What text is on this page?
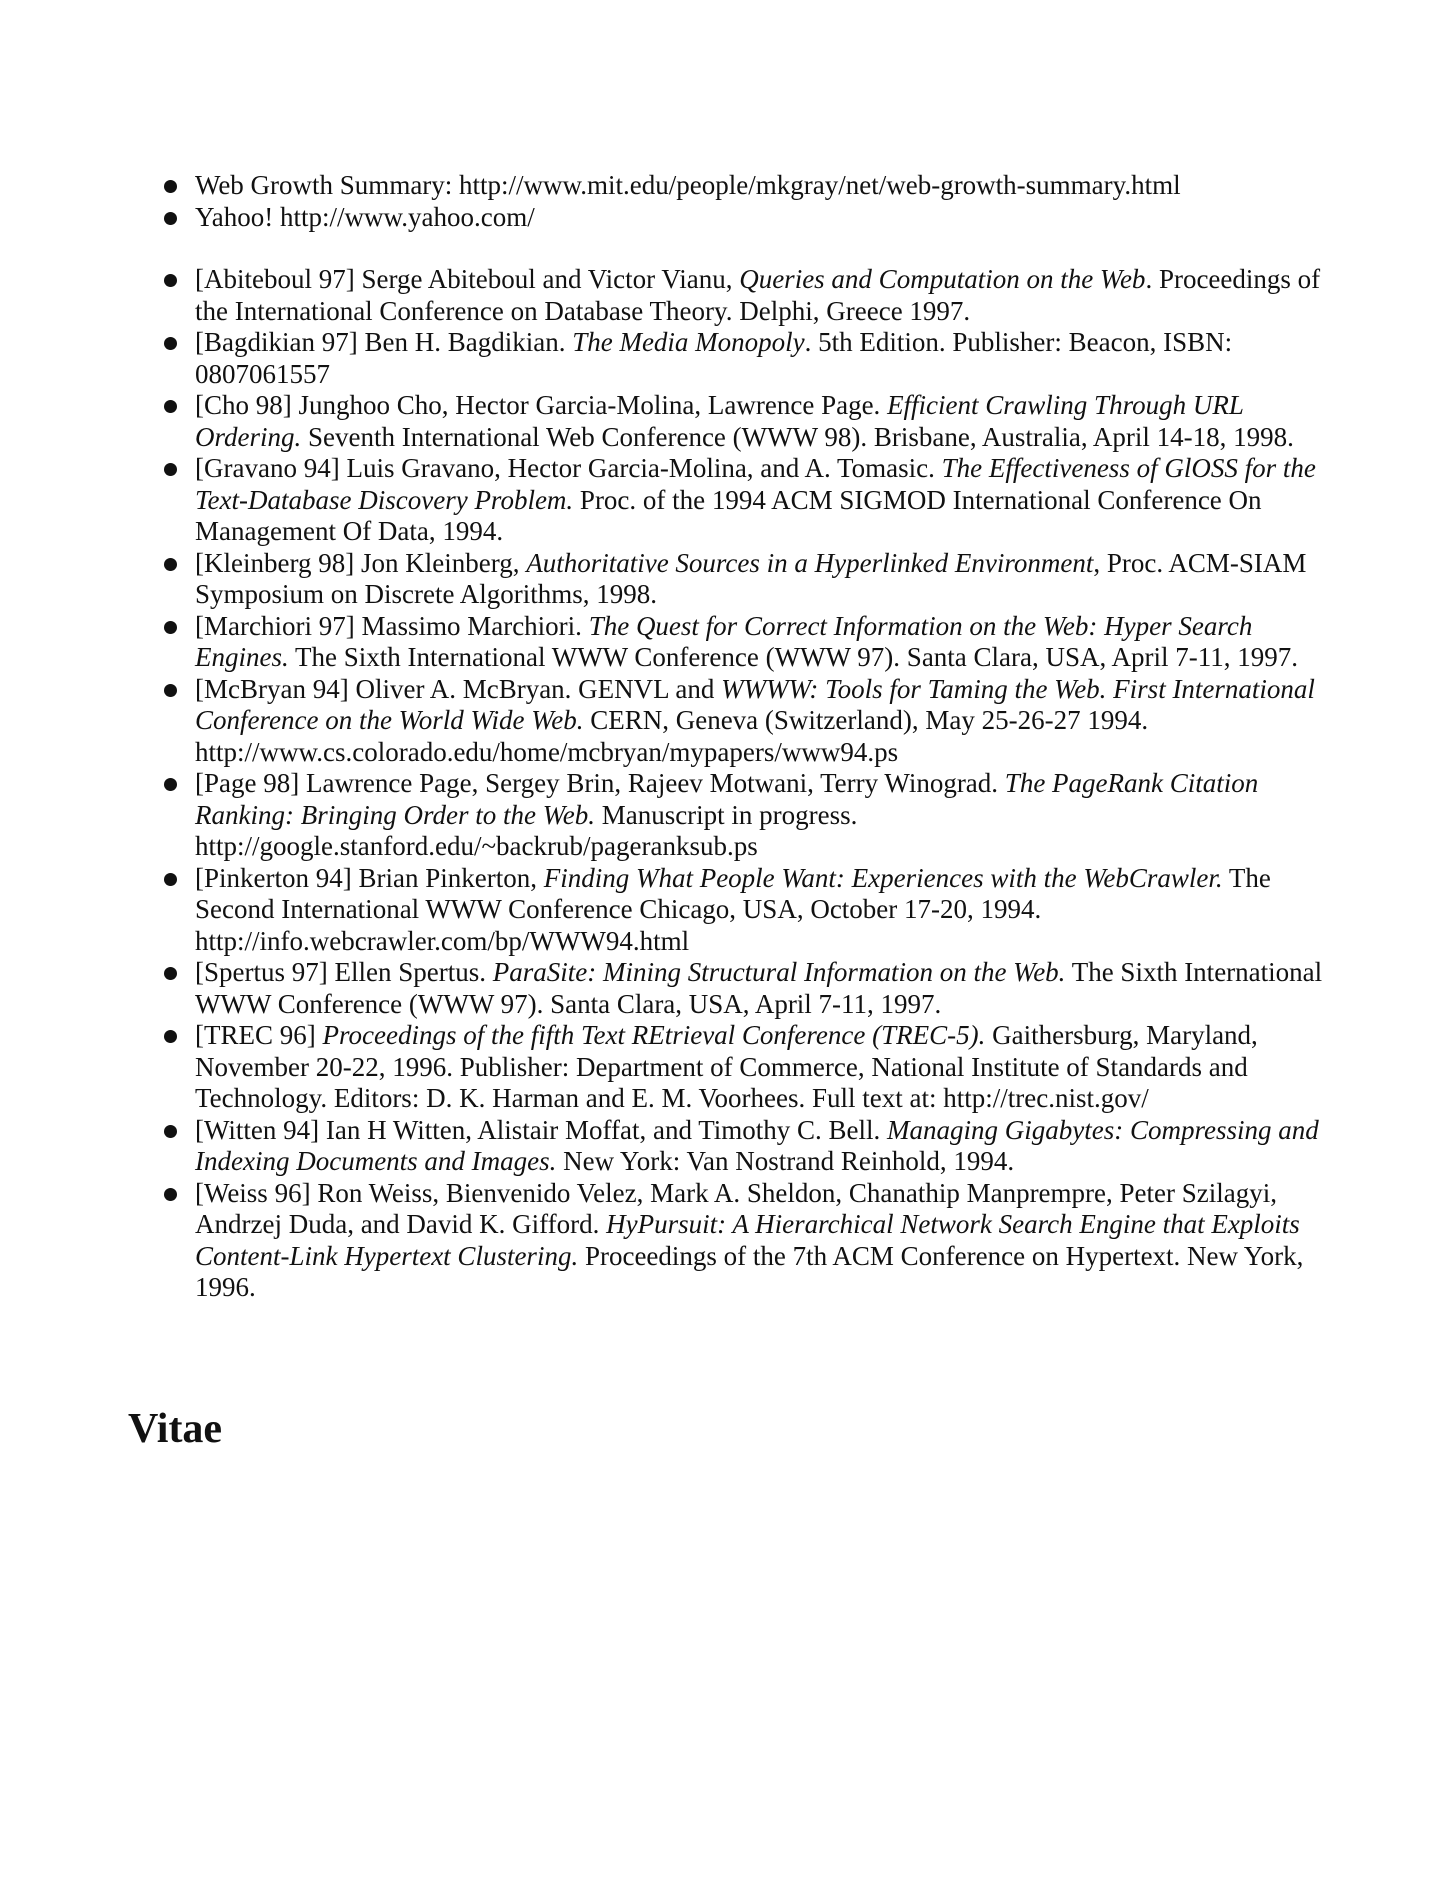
Web Growth Summary: http://www.mit.edu/people/mkgray/net/web-growth-summary.html
Yahoo! http://www.yahoo.com/
[Abiteboul 97] Serge Abiteboul and Victor Vianu, Queries and Computation on the Web. Proceedings of the International Conference on Database Theory. Delphi, Greece 1997.
[Bagdikian 97] Ben H. Bagdikian. The Media Monopoly. 5th Edition. Publisher: Beacon, ISBN: 0807061557
[Cho 98] Junghoo Cho, Hector Garcia-Molina, Lawrence Page. Efficient Crawling Through URL Ordering. Seventh International Web Conference (WWW 98). Brisbane, Australia, April 14-18, 1998.
[Gravano 94] Luis Gravano, Hector Garcia-Molina, and A. Tomasic. The Effectiveness of GlOSS for the Text-Database Discovery Problem. Proc. of the 1994 ACM SIGMOD International Conference On Management Of Data, 1994.
[Kleinberg 98] Jon Kleinberg, Authoritative Sources in a Hyperlinked Environment, Proc. ACM-SIAM Symposium on Discrete Algorithms, 1998.
[Marchiori 97] Massimo Marchiori. The Quest for Correct Information on the Web: Hyper Search Engines. The Sixth International WWW Conference (WWW 97). Santa Clara, USA, April 7-11, 1997.
[McBryan 94] Oliver A. McBryan. GENVL and WWWW: Tools for Taming the Web. First International Conference on the World Wide Web. CERN, Geneva (Switzerland), May 25-26-27 1994. http://www.cs.colorado.edu/home/mcbryan/mypapers/www94.ps
[Page 98] Lawrence Page, Sergey Brin, Rajeev Motwani, Terry Winograd. The PageRank Citation Ranking: Bringing Order to the Web. Manuscript in progress. http://google.stanford.edu/~backrub/pageranksub.ps
[Pinkerton 94] Brian Pinkerton, Finding What People Want: Experiences with the WebCrawler. The Second International WWW Conference Chicago, USA, October 17-20, 1994. http://info.webcrawler.com/bp/WWW94.html
[Spertus 97] Ellen Spertus. ParaSite: Mining Structural Information on the Web. The Sixth International WWW Conference (WWW 97). Santa Clara, USA, April 7-11, 1997.
[TREC 96] Proceedings of the fifth Text REtrieval Conference (TREC-5). Gaithersburg, Maryland, November 20-22, 1996. Publisher: Department of Commerce, National Institute of Standards and Technology. Editors: D. K. Harman and E. M. Voorhees. Full text at: http://trec.nist.gov/
[Witten 94] Ian H Witten, Alistair Moffat, and Timothy C. Bell. Managing Gigabytes: Compressing and Indexing Documents and Images. New York: Van Nostrand Reinhold, 1994.
[Weiss 96] Ron Weiss, Bienvenido Velez, Mark A. Sheldon, Chanathip Manprempre, Peter Szilagyi, Andrzej Duda, and David K. Gifford. HyPursuit: A Hierarchical Network Search Engine that Exploits Content-Link Hypertext Clustering. Proceedings of the 7th ACM Conference on Hypertext. New York, 1996.
Vitae
